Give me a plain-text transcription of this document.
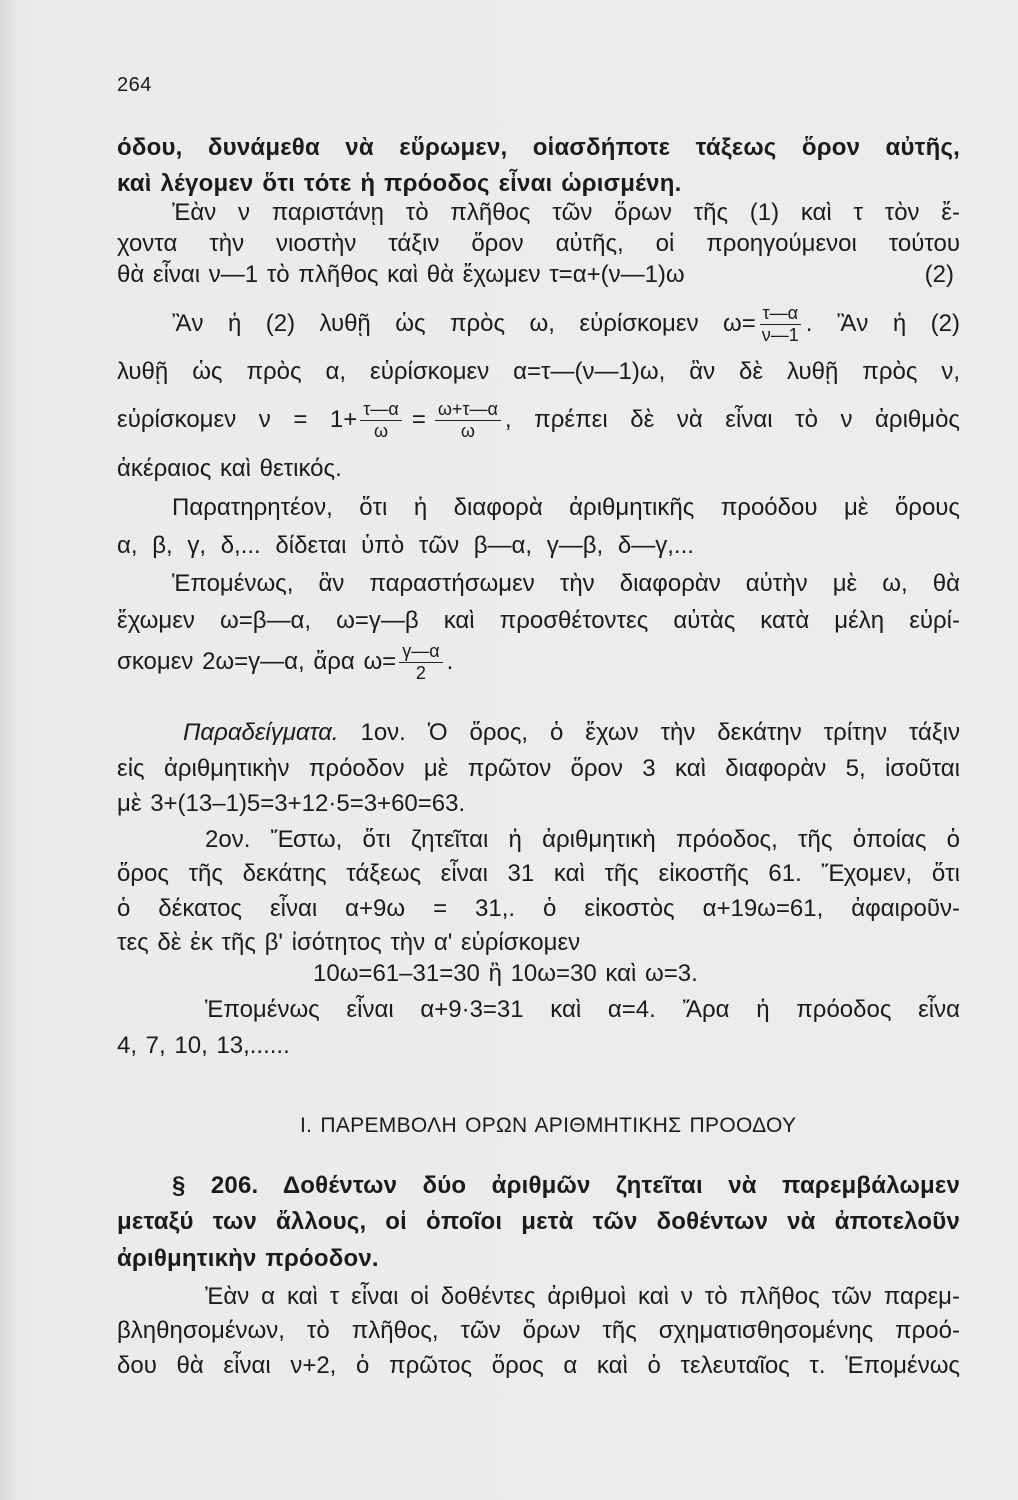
264
όδου, δυνάμεθα νὰ εὕρωμεν, οἱασδήποτε τάξεως ὅρον αὐτῆς,
καὶ λέγομεν ὅτι τότε ἡ πρόοδος εἶναι ὡρισμένη.
Ἐὰν ν παριστάνῃ τὸ πλῆθος τῶν ὅρων τῆς (1) καὶ τ τὸν ἔ-
χοντα τὴν νιοστὴν τάξιν ὅρον αὐτῆς, οἱ προηγούμενοι τούτου
θὰ εἶναι ν—1 τὸ πλῆθος καὶ θὰ ἔχωμεν τ=α+(ν—1)ω	(2)
Ἂν ἡ (2) λυθῇ ὡς πρὸς ω, εὑρίσκομεν $\omega= \frac{\tau—\alpha}{\nu—1}$ . Ἂν ἡ (2)
λυθῇ ὡς πρὸς α, εὑρίσκομεν α=τ—(ν—1)ω, ἂν δὲ λυθῇ πρὸς ν,
εὑρίσκομεν $\nu = 1+ \frac{\tau—\alpha}{\omega} = \frac{\omega+\tau—\alpha}{\omega}$ , πρέπει δὲ νὰ εἶναι τὸ ν ἀριθμὸς
ἀκέραιος καὶ θετικός.
Παρατηρητέον, ὅτι ἡ διαφορὰ ἀριθμητικῆς προόδου μὲ ὅρους
α, β, γ, δ,... δίδεται ὑπὸ τῶν β—α, γ—β, δ—γ,...
Ἑπομένως, ἂν παραστήσωμεν τὴν διαφορὰν αὐτὴν μὲ ω, θὰ
ἔχωμεν ω=β—α, ω=γ—β καὶ προσθέτοντες αὐτὰς κατὰ μέλη εὑρί-
σκομεν 2ω=γ—α, ἄρα $\omega= \frac{\gamma—\alpha}{2}$ .
Παραδείγματα. 1ον. Ὁ ὅρος, ὁ ἔχων τὴν δεκάτην τρίτην τάξιν
εἰς ἀριθμητικὴν πρόοδον μὲ πρῶτον ὅρον 3 καὶ διαφορὰν 5, ἰσοῦται
μὲ 3+(13–1)5=3+12·5=3+60=63.
2ον. Ἔστω, ὅτι ζητεῖται ἡ ἀριθμητικὴ πρόοδος, τῆς ὁποίας ὁ
ὅρος τῆς δεκάτης τάξεως εἶναι 31 καὶ τῆς εἰκοστῆς 61. Ἔχομεν, ὅτι
ὁ δέκατος εἶναι α+9ω = 31,. ὁ εἰκοστὸς α+19ω=61, ἀφαιροῦν-
τες δὲ ἐκ τῆς β' ἰσότητος τὴν α' εὑρίσκομεν
10ω=61–31=30 ἢ 10ω=30 καὶ ω=3.
Ἑπομένως εἶναι α+9·3=31 καὶ α=4. Ἄρα ἡ πρόοδος εἶνα
4, 7, 10, 13,......
Ι. ΠΑΡΕΜΒΟΛΗ ΟΡΩΝ ΑΡΙΘΜΗΤΙΚΗΣ ΠΡΟΟΔΟΥ
§ 206. Δοθέντων δύο ἀριθμῶν ζητεῖται νὰ παρεμβάλωμεν
μεταξύ των ἄλλους, οἱ ὁποῖοι μετὰ τῶν δοθέντων νὰ ἀποτελοῦν
ἀριθμητικὴν πρόοδον.
Ἐὰν α καὶ τ εἶναι οἱ δοθέντες ἀριθμοὶ καὶ ν τὸ πλῆθος τῶν παρεμ-
βληθησομένων, τὸ πλῆθος, τῶν ὅρων τῆς σχηματισθησομένης προό-
δου θὰ εἶναι ν+2, ὁ πρῶτος ὅρος α καὶ ὁ τελευταῖος τ. Ἑπομένως
